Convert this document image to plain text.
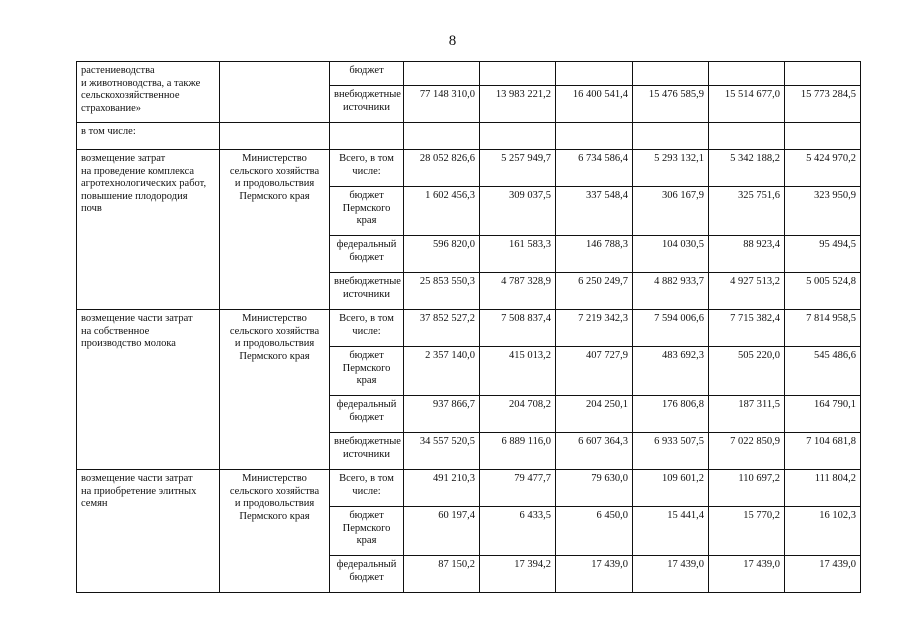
8
растениеводства
и животноводства, а также
сельскохозяйственное
страхование»		бюджет						
		внебюджетные
источники	77 148 310,0	13 983 221,2	16 400 541,4	15 476 585,9	15 514 677,0	15 773 284,5
в том числе:								
возмещение затрат
на проведение комплекса
агротехнологических работ,
повышение плодородия
почв	Министерство
сельского хозяйства
и продовольствия
Пермского края	Всего, в том
числе:	28 052 826,6	5 257 949,7	6 734 586,4	5 293 132,1	5 342 188,2	5 424 970,2
		бюджет
Пермского
края	1 602 456,3	309 037,5	337 548,4	306 167,9	325 751,6	323 950,9
		федеральный
бюджет	596 820,0	161 583,3	146 788,3	104 030,5	88 923,4	95 494,5
		внебюджетные
источники	25 853 550,3	4 787 328,9	6 250 249,7	4 882 933,7	4 927 513,2	5 005 524,8
возмещение части затрат
на собственное
производство молока	Министерство
сельского хозяйства
и продовольствия
Пермского края	Всего, в том
числе:	37 852 527,2	7 508 837,4	7 219 342,3	7 594 006,6	7 715 382,4	7 814 958,5
		бюджет
Пермского
края	2 357 140,0	415 013,2	407 727,9	483 692,3	505 220,0	545 486,6
		федеральный
бюджет	937 866,7	204 708,2	204 250,1	176 806,8	187 311,5	164 790,1
		внебюджетные
источники	34 557 520,5	6 889 116,0	6 607 364,3	6 933 507,5	7 022 850,9	7 104 681,8
возмещение части затрат
на приобретение элитных
семян	Министерство
сельского хозяйства
и продовольствия
Пермского края	Всего, в том
числе:	491 210,3	79 477,7	79 630,0	109 601,2	110 697,2	111 804,2
		бюджет
Пермского
края	60 197,4	6 433,5	6 450,0	15 441,4	15 770,2	16 102,3
		федеральный
бюджет	87 150,2	17 394,2	17 439,0	17 439,0	17 439,0	17 439,0
